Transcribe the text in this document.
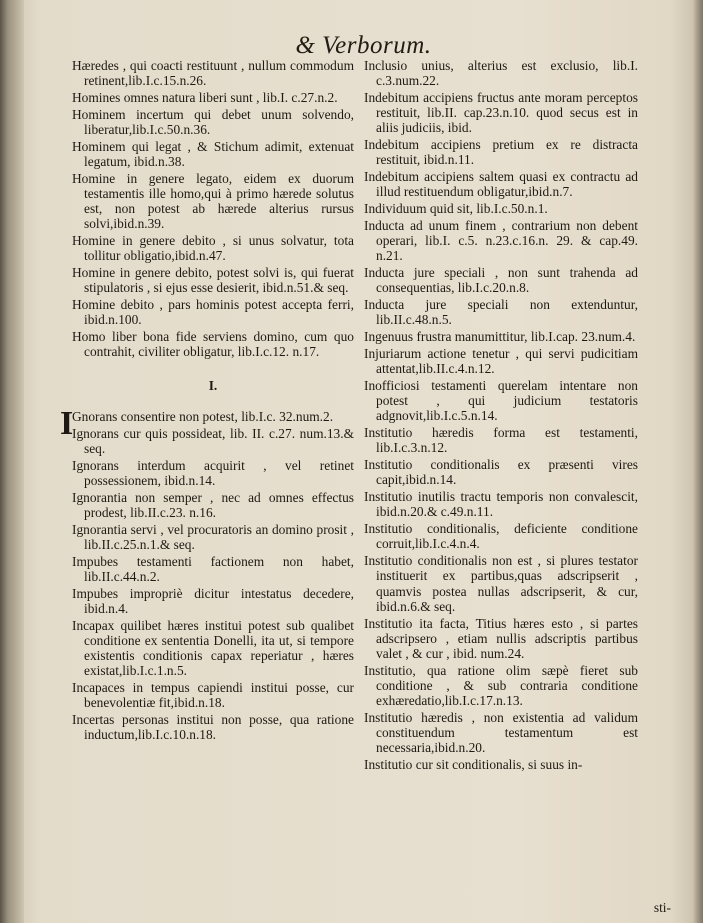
& Verborum.

Hæredes , qui coacti restituunt , nullum commodum retinent,lib.I.c.15.n.26.

Homines omnes natura liberi sunt , lib.I. c.27.n.2.

Hominem incertum qui debet unum solvendo, liberatur,lib.I.c.50.n.36.

Hominem qui legat , & Stichum adimit, extenuat legatum, ibid.n.38.

Homine in genere legato, eidem ex duorum testamentis ille homo,qui à primo hærede solutus est, non potest ab hærede alterius rursus solvi,ibid.n.39.

Homine in genere debito , si unus solvatur, tota tollitur obligatio,ibid.n.47.

Homine in genere debito, potest solvi is, qui fuerat stipulatoris , si ejus esse desierit, ibid.n.51.& seq.

Homine debito , pars hominis potest accepta ferri, ibid.n.100.

Homo liber bona fide serviens domino, cum quo contrahit, civiliter obligatur, lib.I.c.12. n.17.

I.

I
Gnorans consentire non potest, lib.I.c. 32.num.2.

Ignorans cur quis possideat, lib. II. c.27. num.13.& seq.

Ignorans interdum acquirit , vel retinet possessionem, ibid.n.14.

Ignorantia non semper , nec ad omnes effectus prodest, lib.II.c.23. n.16.

Ignorantia servi , vel procuratoris an domino prosit , lib.II.c.25.n.1.& seq.

Impubes testamenti factionem non habet, lib.II.c.44.n.2.

Impubes impropriè dicitur intestatus decedere, ibid.n.4.

Incapax quilibet hæres institui potest sub qualibet conditione ex sententia Donelli, ita ut, si tempore existentis conditionis capax reperiatur , hæres existat,lib.I.c.1.n.5.

Incapaces in tempus capiendi institui posse, cur benevolentiæ fit,ibid.n.18.

Incertas personas institui non posse, qua ratione inductum,lib.I.c.10.n.18.

Inclusio unius, alterius est exclusio, lib.I. c.3.num.22.

Indebitum accipiens fructus ante moram perceptos restituit, lib.II. cap.23.n.10. quod secus est in aliis judiciis, ibid.

Indebitum accipiens pretium ex re distracta restituit, ibid.n.11.

Indebitum accipiens saltem quasi ex contractu ad illud restituendum obligatur,ibid.n.7.

Individuum quid sit, lib.I.c.50.n.1.

Inducta ad unum finem , contrarium non debent operari, lib.I. c.5. n.23.c.16.n. 29. & cap.49. n.21.

Inducta jure speciali , non sunt trahenda ad consequentias, lib.I.c.20.n.8.

Inducta jure speciali non extenduntur, lib.II.c.48.n.5.

Ingenuus frustra manumittitur, lib.I.cap. 23.num.4.

Injuriarum actione tenetur , qui servi pudicitiam attentat,lib.II.c.4.n.12.

Inofficiosi testamenti querelam intentare non potest , qui judicium testatoris adgnovit,lib.I.c.5.n.14.

Institutio hæredis forma est testamenti, lib.I.c.3.n.12.

Institutio conditionalis ex præsenti vires capit,ibid.n.14.

Institutio inutilis tractu temporis non convalescit, ibid.n.20.& c.49.n.11.

Institutio conditionalis, deficiente conditione corruit,lib.I.c.4.n.4.

Institutio conditionalis non est , si plures testator instituerit ex partibus,quas adscripserit , quamvis postea nullas adscripserit, & cur, ibid.n.6.& seq.

Institutio ita facta, Titius hæres esto , si partes adscripsero , etiam nullis adscriptis partibus valet , & cur , ibid. num.24.

Institutio, qua ratione olim sæpè fieret sub conditione , & sub contraria conditione exhæredatio,lib.I.c.17.n.13.

Institutio hæredis , non existentia ad validum constituendum testamentum est necessaria,ibid.n.20.

Institutio cur sit conditionalis, si suus in-

sti-
